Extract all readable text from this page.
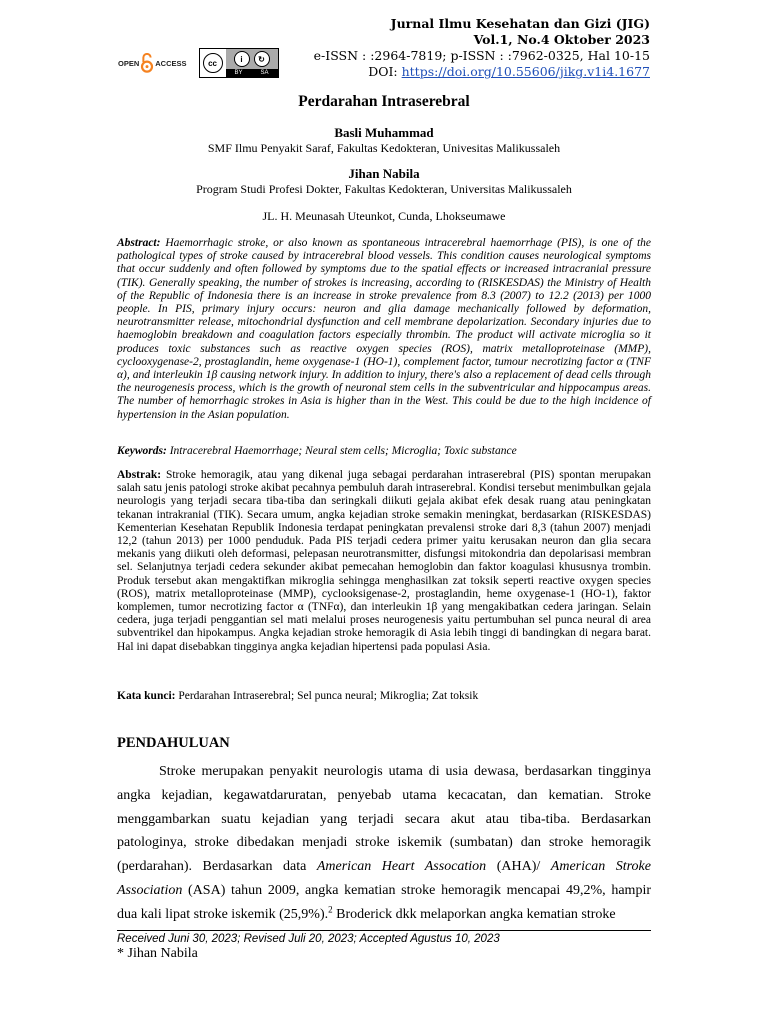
Jurnal Ilmu Kesehatan dan Gizi (JIG)
Vol.1, No.4 Oktober 2023
e-ISSN : :2964-7819; p-ISSN : :7962-0325, Hal 10-15
DOI: https://doi.org/10.55606/jikg.v1i4.1677
OPEN ACCESS	cc	i	↻
BY	SA
Perdarahan Intraserebral
Basli Muhammad
SMF Ilmu Penyakit Saraf, Fakultas Kedokteran, Univesitas Malikussaleh
Jihan Nabila
Program Studi Profesi Dokter, Fakultas Kedokteran, Universitas Malikussaleh
JL. H. Meunasah Uteunkot, Cunda, Lhokseumawe
Abstract: Haemorrhagic stroke, or also known as spontaneous intracerebral haemorrhage (PIS), is one of the pathological types of stroke caused by intracerebral blood vessels. This condition causes neurological symptoms that occur suddenly and often followed by symptoms due to the spatial effects or increased intracranial pressure (TIK). Generally speaking, the number of strokes is increasing, according to (RISKESDAS) the Ministry of Health of the Republic of Indonesia there is an increase in stroke prevalence from 8.3 (2007) to 12.2 (2013) per 1000 people. In PIS, primary injury occurs: neuron and glia damage mechanically followed by deformation, neurotransmitter release, mitochondrial dysfunction and cell membrane depolarization. Secondary injuries due to haemoglobin breakdown and coagulation factors especially thrombin. The product will activate microglia so it produces toxic substances such as reactive oxygen species (ROS), matrix metalloproteinase (MMP), cyclooxygenase-2, prostaglandin, heme oxygenase-1 (HO-1), complement factor, tumour necrotizing factor α (TNF α), and interleukin 1β causing network injury. In addition to injury, there's also a replacement of dead cells through the neurogenesis process, which is the growth of neuronal stem cells in the subventricular and hippocampus areas. The number of hemorrhagic strokes in Asia is higher than in the West. This could be due to the high incidence of hypertension in the Asian population.
Keywords: Intracerebral Haemorrhage; Neural stem cells; Microglia; Toxic substance
Abstrak: Stroke hemoragik, atau yang dikenal juga sebagai perdarahan intraserebral (PIS) spontan merupakan salah satu jenis patologi stroke akibat pecahnya pembuluh darah intraserebral. Kondisi tersebut menimbulkan gejala neurologis yang terjadi secara tiba-tiba dan seringkali diikuti gejala akibat efek desak ruang atau peningkatan tekanan intrakranial (TIK). Secara umum, angka kejadian stroke semakin meningkat, berdasarkan (RISKESDAS) Kementerian Kesehatan Republik Indonesia terdapat peningkatan prevalensi stroke dari 8,3 (tahun 2007) menjadi 12,2 (tahun 2013) per 1000 penduduk. Pada PIS terjadi cedera primer yaitu kerusakan neuron dan glia secara mekanis yang diikuti oleh deformasi, pelepasan neurotransmitter, disfungsi mitokondria dan depolarisasi membran sel. Selanjutnya terjadi cedera sekunder akibat pemecahan hemoglobin dan faktor koagulasi khususnya trombin. Produk tersebut akan mengaktifkan mikroglia sehingga menghasilkan zat toksik seperti reactive oxygen species (ROS), matrix metalloproteinase (MMP), cyclooksigenase-2, prostaglandin, heme oxygenase-1 (HO-1), faktor komplemen, tumor necrotizing factor α (TNFα), dan interleukin 1β yang mengakibatkan cedera jaringan. Selain cedera, juga terjadi penggantian sel mati melalui proses neurogenesis yaitu pertumbuhan sel punca neural di area subventrikel dan hipokampus. Angka kejadian stroke hemoragik di Asia lebih tinggi di bandingkan di negara barat. Hal ini dapat disebabkan tingginya angka kejadian hipertensi pada populasi Asia.
Kata kunci: Perdarahan Intraserebral; Sel punca neural; Mikroglia; Zat toksik
PENDAHULUAN

Stroke merupakan penyakit neurologis utama di usia dewasa, berdasarkan tingginya angka kejadian, kegawatdaruratan, penyebab utama kecacatan, dan kematian. Stroke menggambarkan suatu kejadian yang terjadi secara akut atau tiba-tiba. Berdasarkan patologinya, stroke dibedakan menjadi stroke iskemik (sumbatan) dan stroke hemoragik (perdarahan). Berdasarkan data American Heart Assocation (AHA)/ American Stroke Association (ASA) tahun 2009, angka kematian stroke hemoragik mencapai 49,2%, hampir dua kali lipat stroke iskemik (25,9%).$^2$ Broderick dkk melaporkan angka kematian stroke

Received Juni 30, 2023; Revised Juli 20, 2023; Accepted Agustus 10, 2023
* Jihan Nabila
